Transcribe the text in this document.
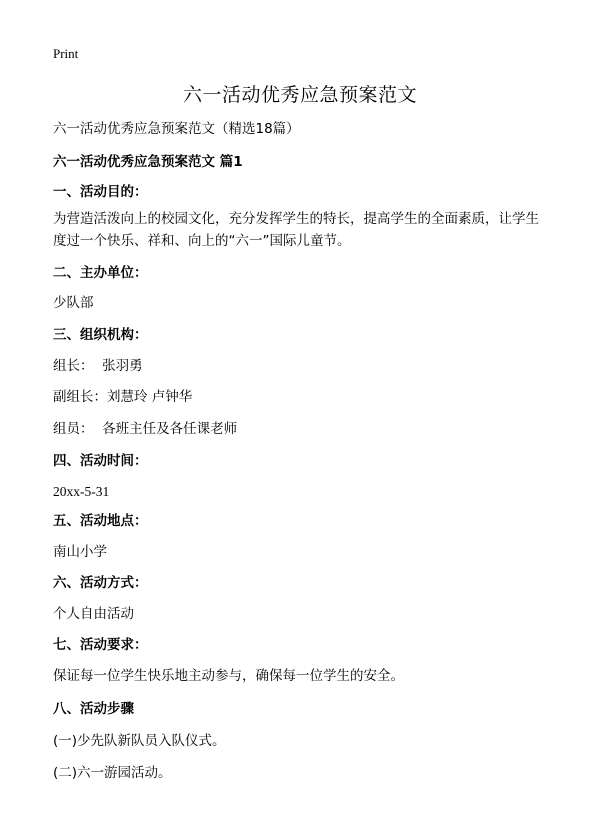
Print
六一活动优秀应急预案范文

六一活动优秀应急预案范文（精选18篇）

六一活动优秀应急预案范文 篇1

一、活动目的：

为营造活泼向上的校园文化，充分发挥学生的特长，提高学生的全面素质，让学生度过一个快乐、祥和、向上的“六一”国际儿童节。

二、主办单位：

少队部

三、组织机构：

组长：  张羽勇

副组长：刘慧玲 卢钟华

组员：  各班主任及各任课老师

四、活动时间：

20xx-5-31

五、活动地点：

南山小学

六、活动方式：

个人自由活动

七、活动要求：

保证每一位学生快乐地主动参与，确保每一位学生的安全。

八、活动步骤

(一)少先队新队员入队仪式。

(二)六一游园活动。
